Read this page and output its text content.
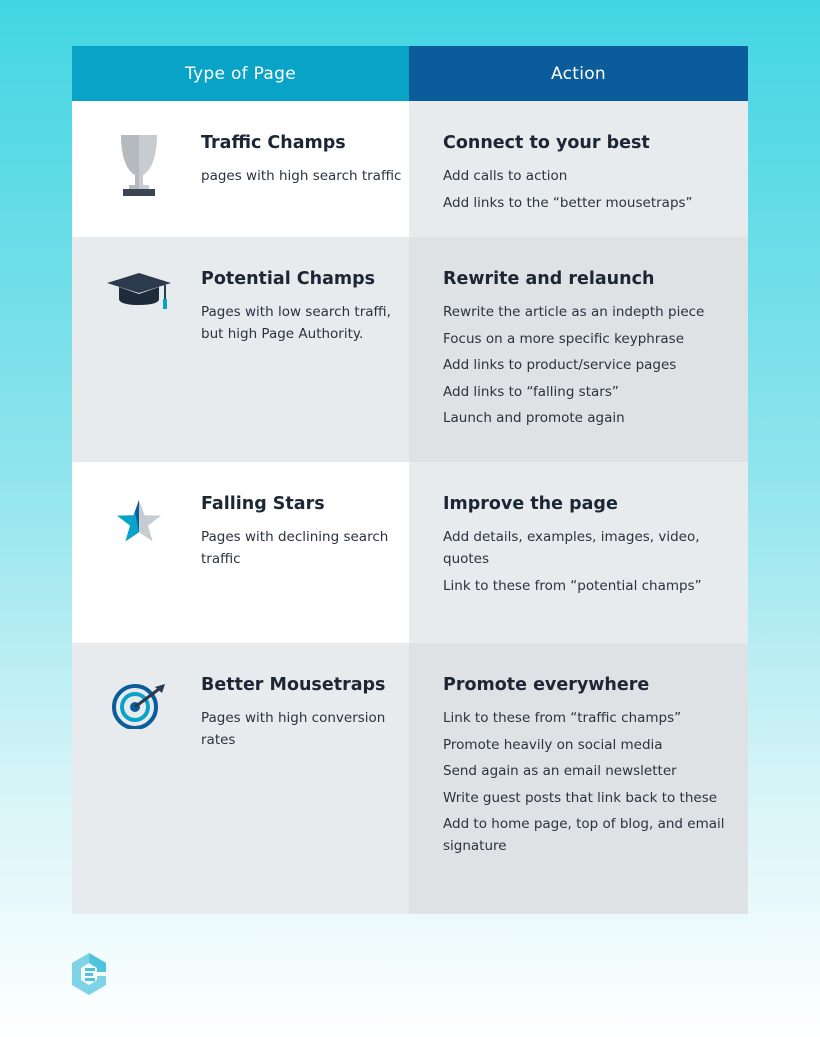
Type of Page	Action
Traffic Champs
pages with high search traffic
Connect to your best
Add calls to action
Add links to the “better mousetraps”
Potential Champs
Pages with low search traffi, but high Page Authority.
Rewrite and relaunch
Rewrite the article as an indepth piece
Focus on a more specific keyphrase
Add links to product/service pages
Add links to “falling stars”
Launch and promote again
Falling Stars
Pages with declining search traffic
Improve the page
Add details, examples, images, video, quotes
Link to these from “potential champs”
Better Mousetraps
Pages with high conversion rates
Promote everywhere
Link to these from “traffic champs”
Promote heavily on social media
Send again as an email newsletter
Write guest posts that link back to these
Add to home page, top of blog, and email signature
